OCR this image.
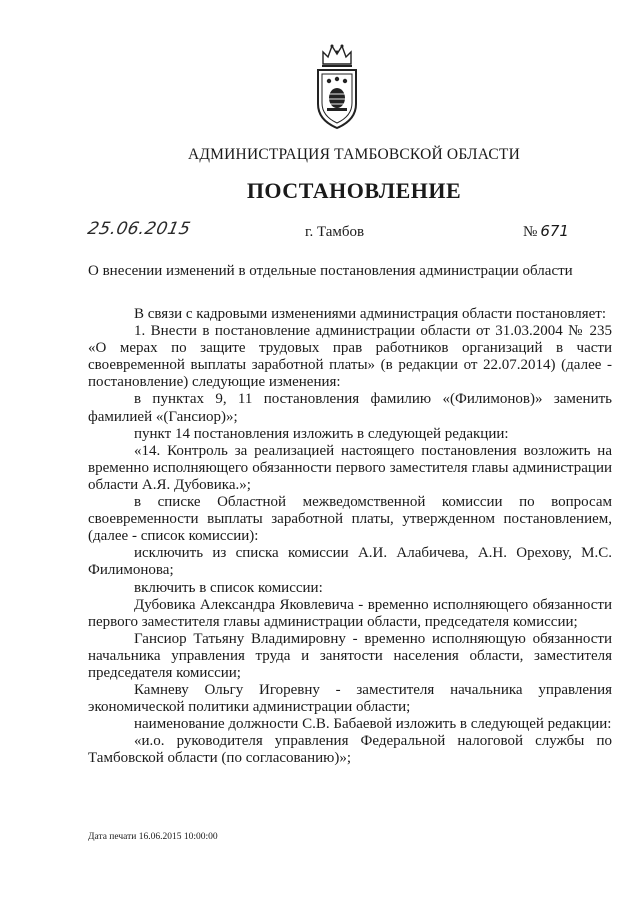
АДМИНИСТРАЦИЯ ТАМБОВСКОЙ ОБЛАСТИ
ПОСТАНОВЛЕНИЕ
25.06.2015	г. Тамбов	№ 671
О внесении изменений в отдельные постановления администрации области

В связи с кадровыми изменениями администрация области постановляет:

1. Внести в постановление администрации области от 31.03.2004 № 235 «О мерах по защите трудовых прав работников организаций в части своевременной выплаты заработной платы» (в редакции от 22.07.2014) (далее - постановление) следующие изменения:

в пунктах 9, 11 постановления фамилию «(Филимонов)» заменить фамилией «(Гансиор)»;

пункт 14 постановления изложить в следующей редакции:

«14. Контроль за реализацией настоящего постановления возложить на временно исполняющего обязанности первого заместителя главы администрации области А.Я. Дубовика.»;

в списке Областной межведомственной комиссии по вопросам своевременности выплаты заработной платы, утвержденном постановлением, (далее - список комиссии):

исключить из списка комиссии А.И. Алабичева, А.Н. Орехову, М.С. Филимонова;

включить в список комиссии:

Дубовика Александра Яковлевича - временно исполняющего обязанности первого заместителя главы администрации области, председателя комиссии;

Гансиор Татьяну Владимировну - временно исполняющую обязанности начальника управления труда и занятости населения области, заместителя председателя комиссии;

Камневу Ольгу Игоревну - заместителя начальника управления экономической политики администрации области;

наименование должности С.В. Бабаевой изложить в следующей редакции:

«и.о. руководителя управления Федеральной налоговой службы по Тамбовской области (по согласованию)»;

Дата печати 16.06.2015 10:00:00
